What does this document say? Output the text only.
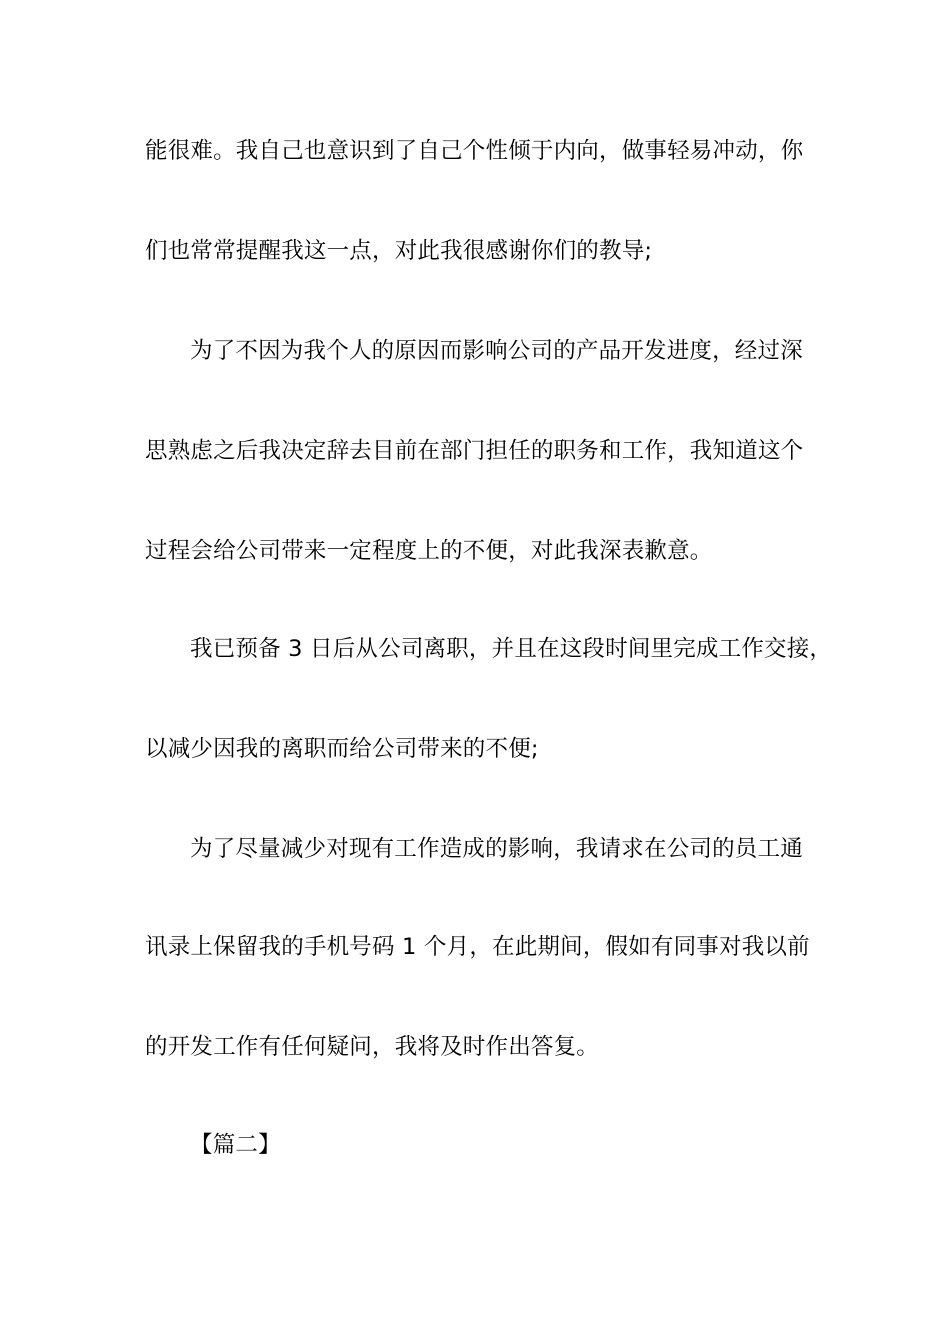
能很难。我自己也意识到了自己个性倾于内向，做事轻易冲动，你
们也常常提醒我这一点，对此我很感谢你们的教导;
为了不因为我个人的原因而影响公司的产品开发进度，经过深
思熟虑之后我决定辞去目前在部门担任的职务和工作，我知道这个
过程会给公司带来一定程度上的不便，对此我深表歉意。
我已预备 3 日后从公司离职，并且在这段时间里完成工作交接，
以减少因我的离职而给公司带来的不便;
为了尽量减少对现有工作造成的影响，我请求在公司的员工通
讯录上保留我的手机号码 1 个月，在此期间，假如有同事对我以前
的开发工作有任何疑问，我将及时作出答复。
【篇二】
